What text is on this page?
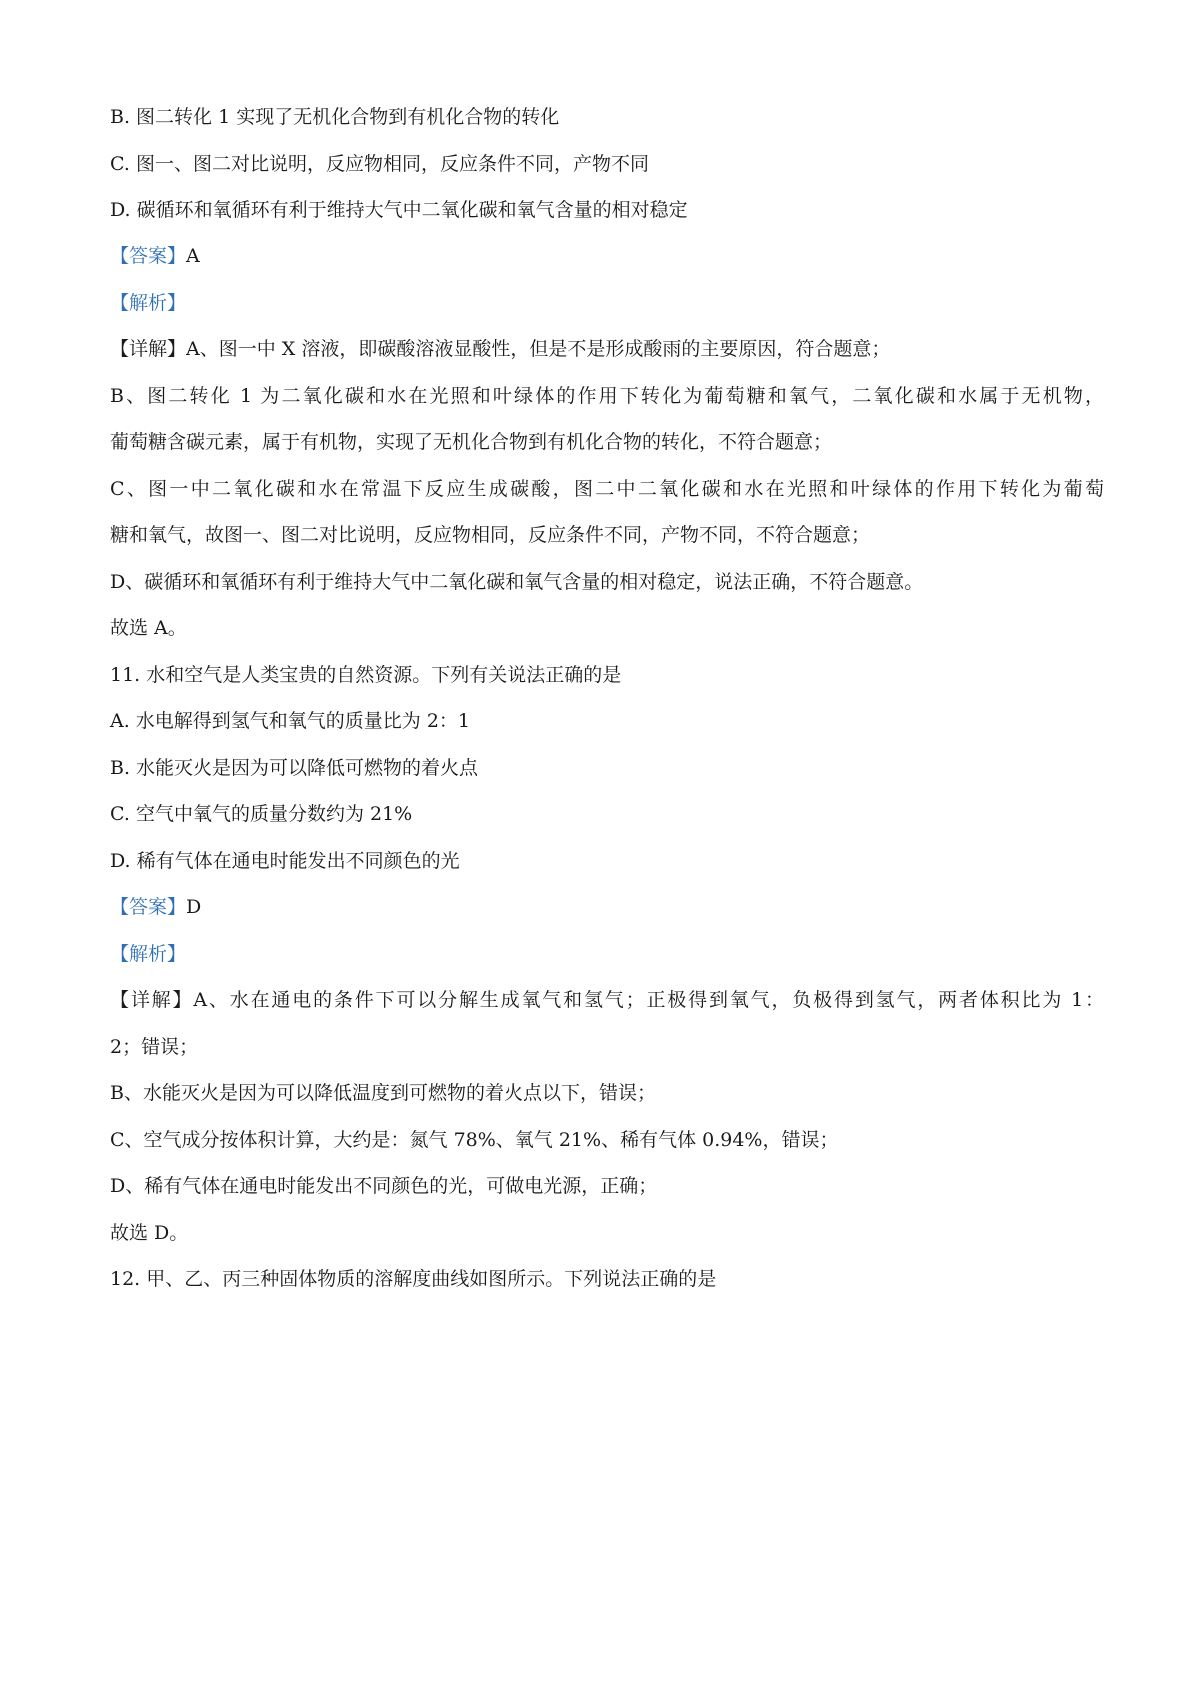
B. 图二转化 1 实现了无机化合物到有机化合物的转化
C. 图一、图二对比说明，反应物相同，反应条件不同，产物不同
D. 碳循环和氧循环有利于维持大气中二氧化碳和氧气含量的相对稳定
【答案】A
【解析】
【详解】A、图一中 X 溶液，即碳酸溶液显酸性，但是不是形成酸雨的主要原因，符合题意；
B、图二转化 1 为二氧化碳和水在光照和叶绿体的作用下转化为葡萄糖和氧气，二氧化碳和水属于无机物，
葡萄糖含碳元素，属于有机物，实现了无机化合物到有机化合物的转化，不符合题意；
C、图一中二氧化碳和水在常温下反应生成碳酸，图二中二氧化碳和水在光照和叶绿体的作用下转化为葡萄
糖和氧气，故图一、图二对比说明，反应物相同，反应条件不同，产物不同，不符合题意；
D、碳循环和氧循环有利于维持大气中二氧化碳和氧气含量的相对稳定，说法正确，不符合题意。
故选 A。
11. 水和空气是人类宝贵的自然资源。下列有关说法正确的是
A. 水电解得到氢气和氧气的质量比为 2：1
B. 水能灭火是因为可以降低可燃物的着火点
C. 空气中氧气的质量分数约为 21%
D. 稀有气体在通电时能发出不同颜色的光
【答案】D
【解析】
【详解】A、水在通电的条件下可以分解生成氧气和氢气；正极得到氧气，负极得到氢气，两者体积比为 1：
2；错误；
B、水能灭火是因为可以降低温度到可燃物的着火点以下，错误；
C、空气成分按体积计算，大约是：氮气 78%、氧气 21%、稀有气体 0.94%，错误；
D、稀有气体在通电时能发出不同颜色的光，可做电光源，正确；
故选 D。
12. 甲、乙、丙三种固体物质的溶解度曲线如图所示。下列说法正确的是
